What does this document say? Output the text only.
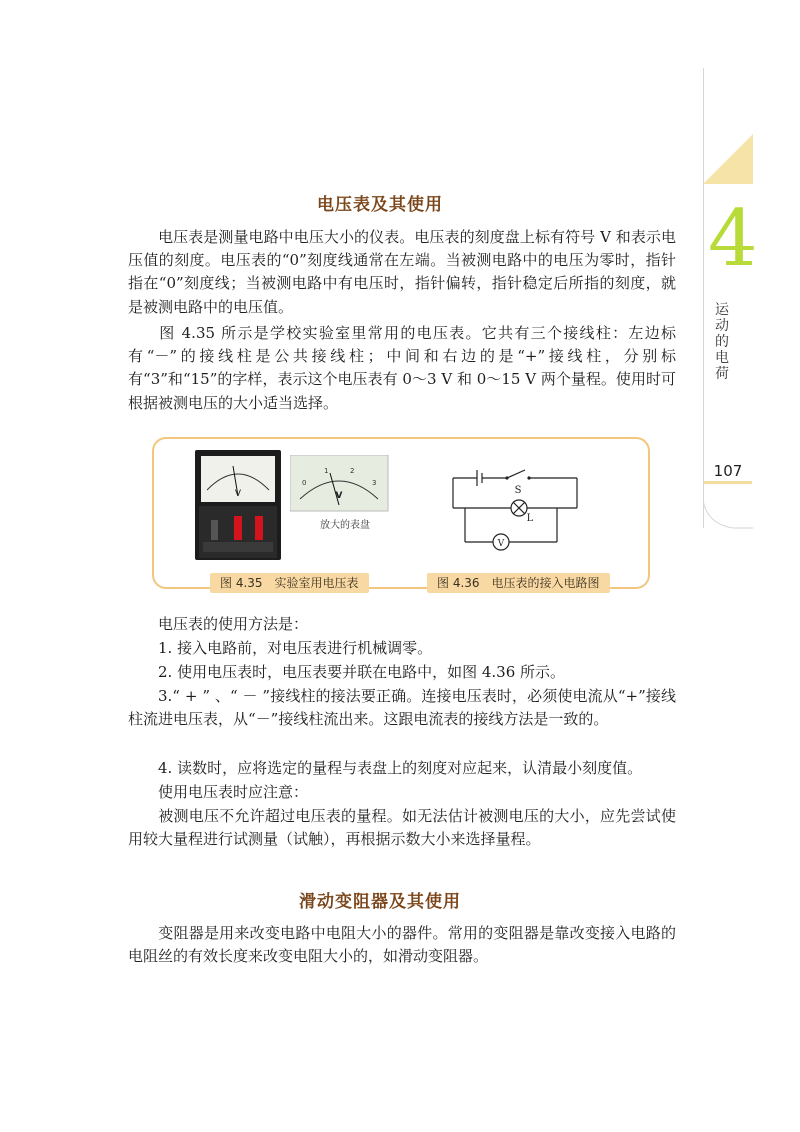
4
运
动
的
电
荷
107
电压表及其使用
电压表是测量电路中电压大小的仪表。电压表的刻度盘上标有符号 V 和表示电压值的刻度。电压表的“0”刻度线通常在左端。当被测电路中的电压为零时，指针指在“0”刻度线；当被测电路中有电压时，指针偏转，指针稳定后所指的刻度，就是被测电路中的电压值。
图 4.35 所示是学校实验室里常用的电压表。它共有三个接线柱：左边标有“－”的接线柱是公共接线柱；中间和右边的是“+”接线柱，分别标有“3”和“15”的字样，表示这个电压表有 0～3 V 和 0～15 V 两个量程。使用时可根据被测电压的大小适当选择。
V
0
1	2
3
V
放大的表盘
S
L
V
图 4.35　实验室用电压表	图 4.36　电压表的接入电路图
电压表的使用方法是：
1. 接入电路前，对电压表进行机械调零。
2. 使用电压表时，电压表要并联在电路中，如图 4.36 所示。
3.“ + ” 、“ － ”接线柱的接法要正确。连接电压表时，必须使电流从“+”接线柱流进电压表，从“－”接线柱流出来。这跟电流表的接线方法是一致的。
4. 读数时，应将选定的量程与表盘上的刻度对应起来，认清最小刻度值。
使用电压表时应注意：
被测电压不允许超过电压表的量程。如无法估计被测电压的大小，应先尝试使用较大量程进行试测量（试触），再根据示数大小来选择量程。
滑动变阻器及其使用
变阻器是用来改变电路中电阻大小的器件。常用的变阻器是靠改变接入电路的电阻丝的有效长度来改变电阻大小的，如滑动变阻器。
